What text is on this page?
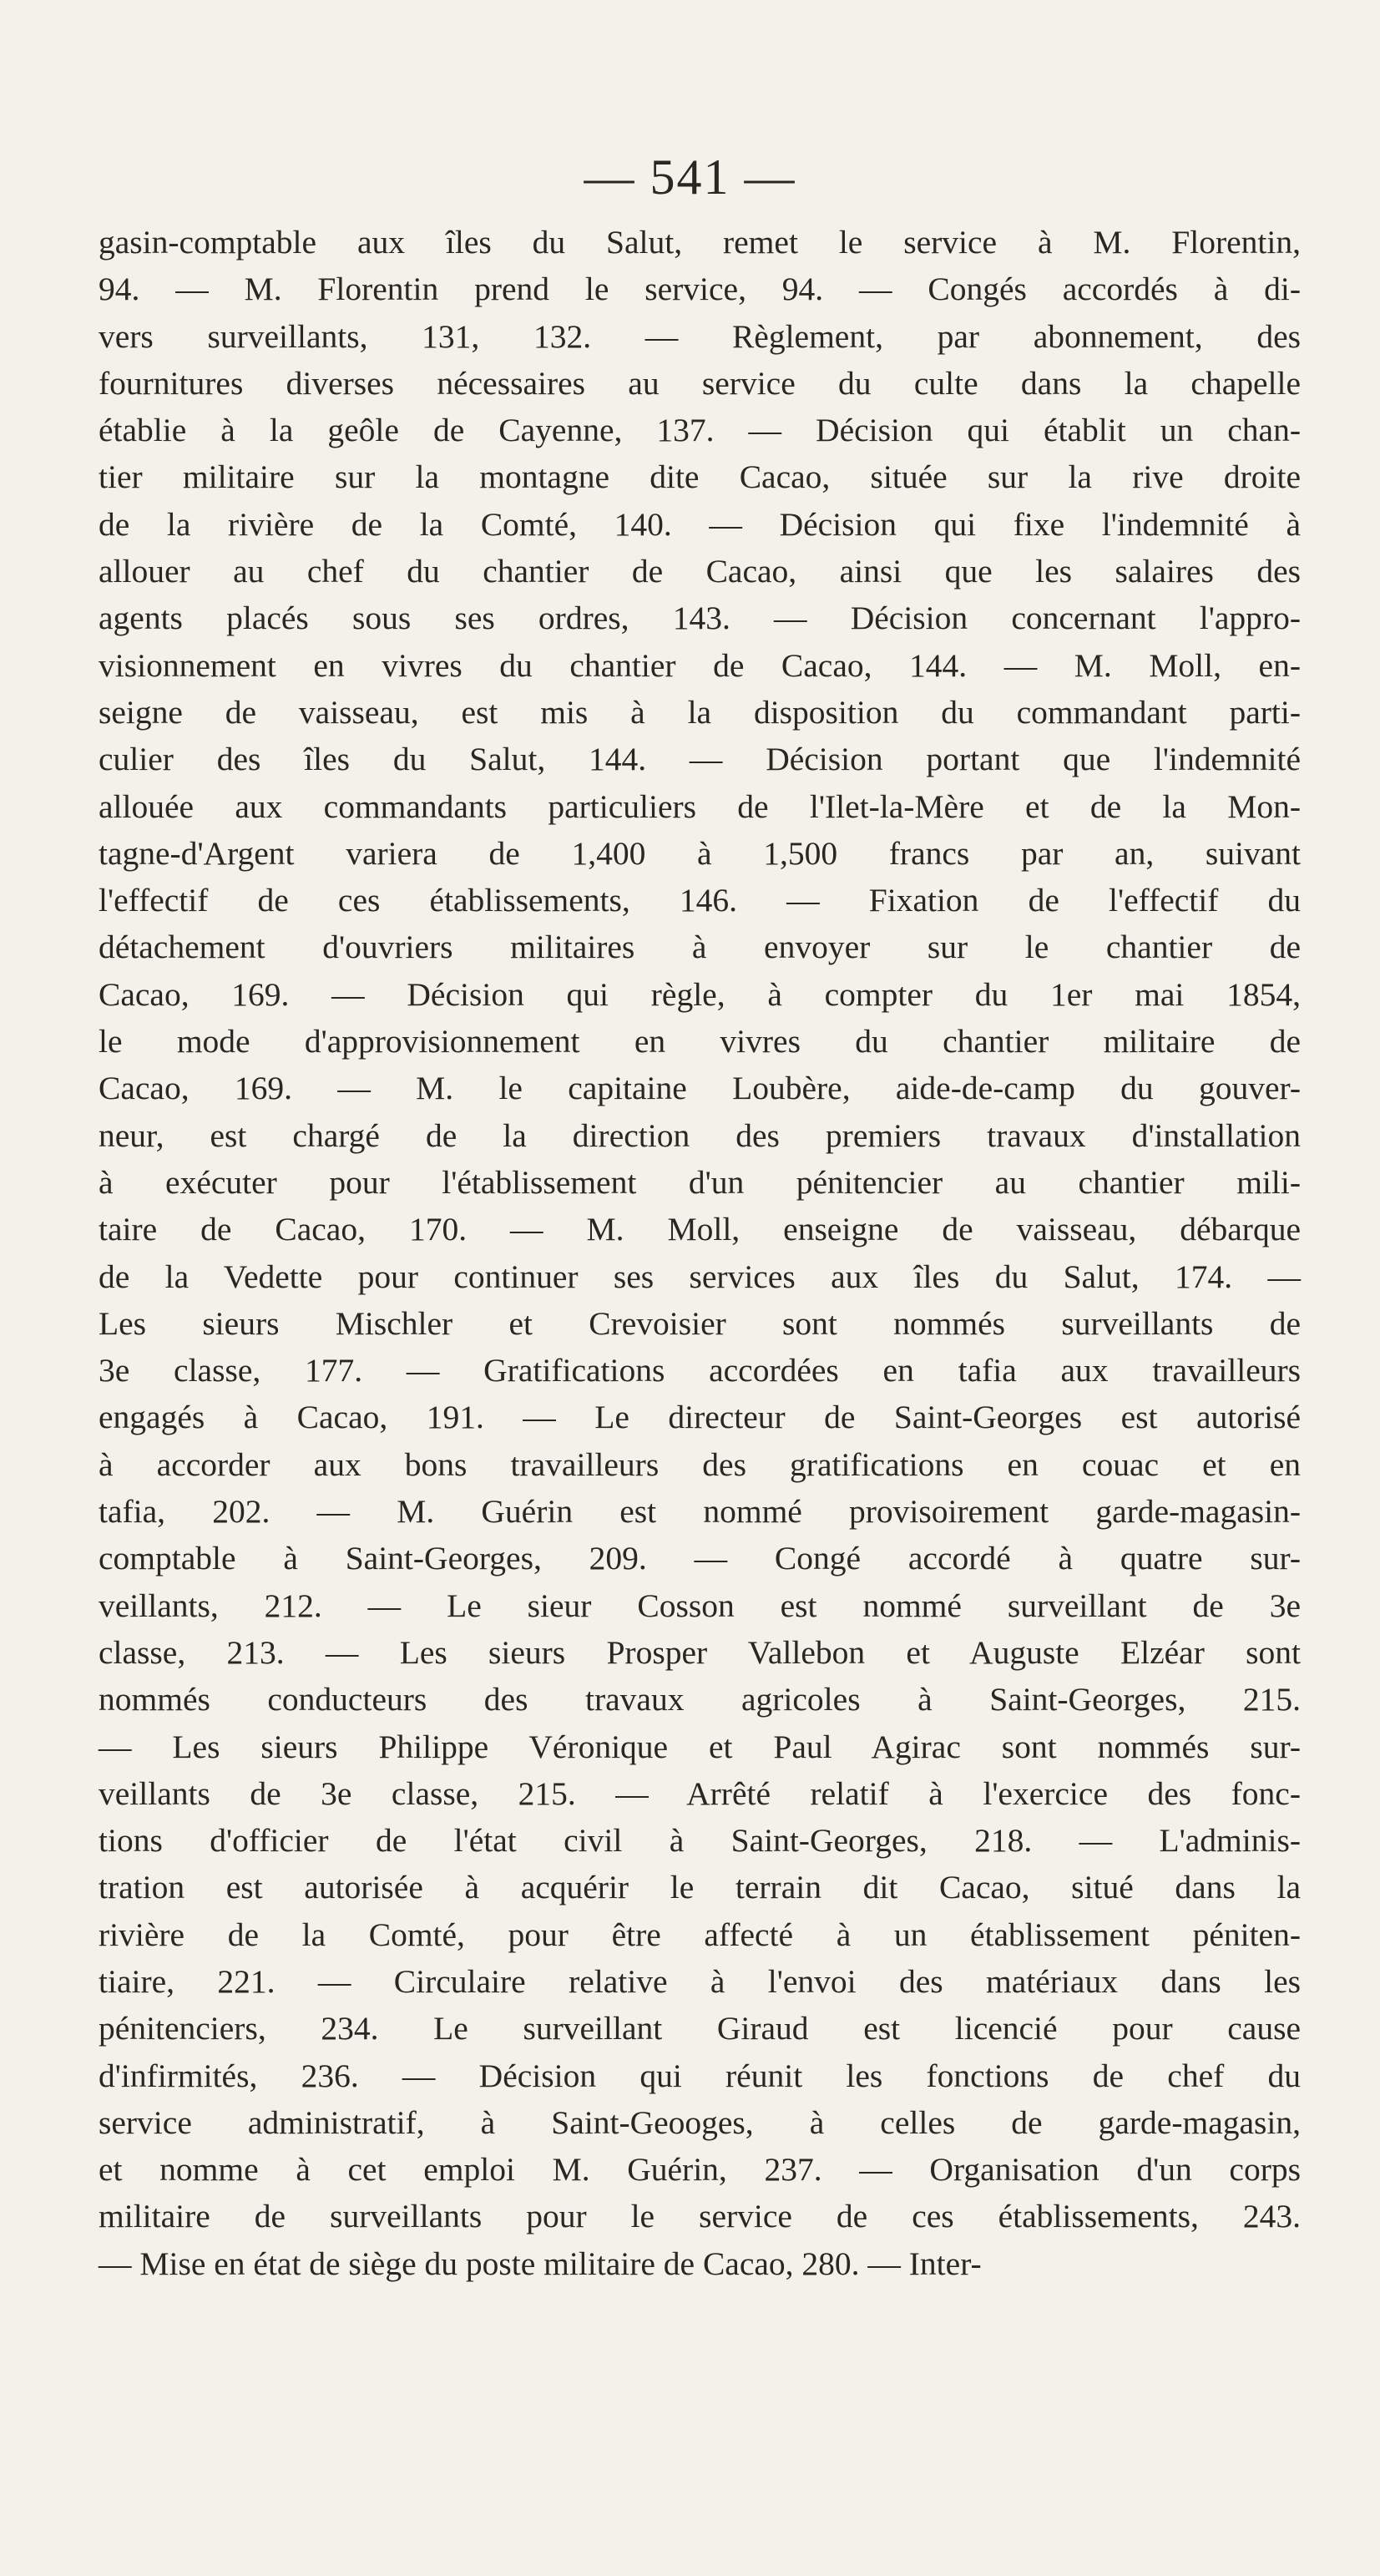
— 541 —
gasin-comptable aux îles du Salut, remet le service à M. Florentin,
94. — M. Florentin prend le service, 94. — Congés accordés à di-
vers surveillants, 131, 132. — Règlement, par abonnement, des
fournitures diverses nécessaires au service du culte dans la chapelle
établie à la geôle de Cayenne, 137. — Décision qui établit un chan-
tier militaire sur la montagne dite Cacao, située sur la rive droite
de la rivière de la Comté, 140. — Décision qui fixe l'indemnité à
allouer au chef du chantier de Cacao, ainsi que les salaires des
agents placés sous ses ordres, 143. — Décision concernant l'appro-
visionnement en vivres du chantier de Cacao, 144. — M. Moll, en-
seigne de vaisseau, est mis à la disposition du commandant parti-
culier des îles du Salut, 144. — Décision portant que l'indemnité
allouée aux commandants particuliers de l'Ilet-la-Mère et de la Mon-
tagne-d'Argent variera de 1,400 à 1,500 francs par an, suivant
l'effectif de ces établissements, 146. — Fixation de l'effectif du
détachement d'ouvriers militaires à envoyer sur le chantier de
Cacao, 169. — Décision qui règle, à compter du 1er mai 1854,
le mode d'approvisionnement en vivres du chantier militaire de
Cacao, 169. — M. le capitaine Loubère, aide-de-camp du gouver-
neur, est chargé de la direction des premiers travaux d'installation
à exécuter pour l'établissement d'un pénitencier au chantier mili-
taire de Cacao, 170. — M. Moll, enseigne de vaisseau, débarque
de la Vedette pour continuer ses services aux îles du Salut, 174. —
Les sieurs Mischler et Crevoisier sont nommés surveillants de
3e classe, 177. — Gratifications accordées en tafia aux travailleurs
engagés à Cacao, 191. — Le directeur de Saint-Georges est autorisé
à accorder aux bons travailleurs des gratifications en couac et en
tafia, 202. — M. Guérin est nommé provisoirement garde-magasin-
comptable à Saint-Georges, 209. — Congé accordé à quatre sur-
veillants, 212. — Le sieur Cosson est nommé surveillant de 3e
classe, 213. — Les sieurs Prosper Vallebon et Auguste Elzéar sont
nommés conducteurs des travaux agricoles à Saint-Georges, 215.
— Les sieurs Philippe Véronique et Paul Agirac sont nommés sur-
veillants de 3e classe, 215. — Arrêté relatif à l'exercice des fonc-
tions d'officier de l'état civil à Saint-Georges, 218. — L'adminis-
tration est autorisée à acquérir le terrain dit Cacao, situé dans la
rivière de la Comté, pour être affecté à un établissement péniten-
tiaire, 221. — Circulaire relative à l'envoi des matériaux dans les
pénitenciers, 234. Le surveillant Giraud est licencié pour cause
d'infirmités, 236. — Décision qui réunit les fonctions de chef du
service administratif, à Saint-Geooges, à celles de garde-magasin,
et nomme à cet emploi M. Guérin, 237. — Organisation d'un corps
militaire de surveillants pour le service de ces établissements, 243.
— Mise en état de siège du poste militaire de Cacao, 280. — Inter-
